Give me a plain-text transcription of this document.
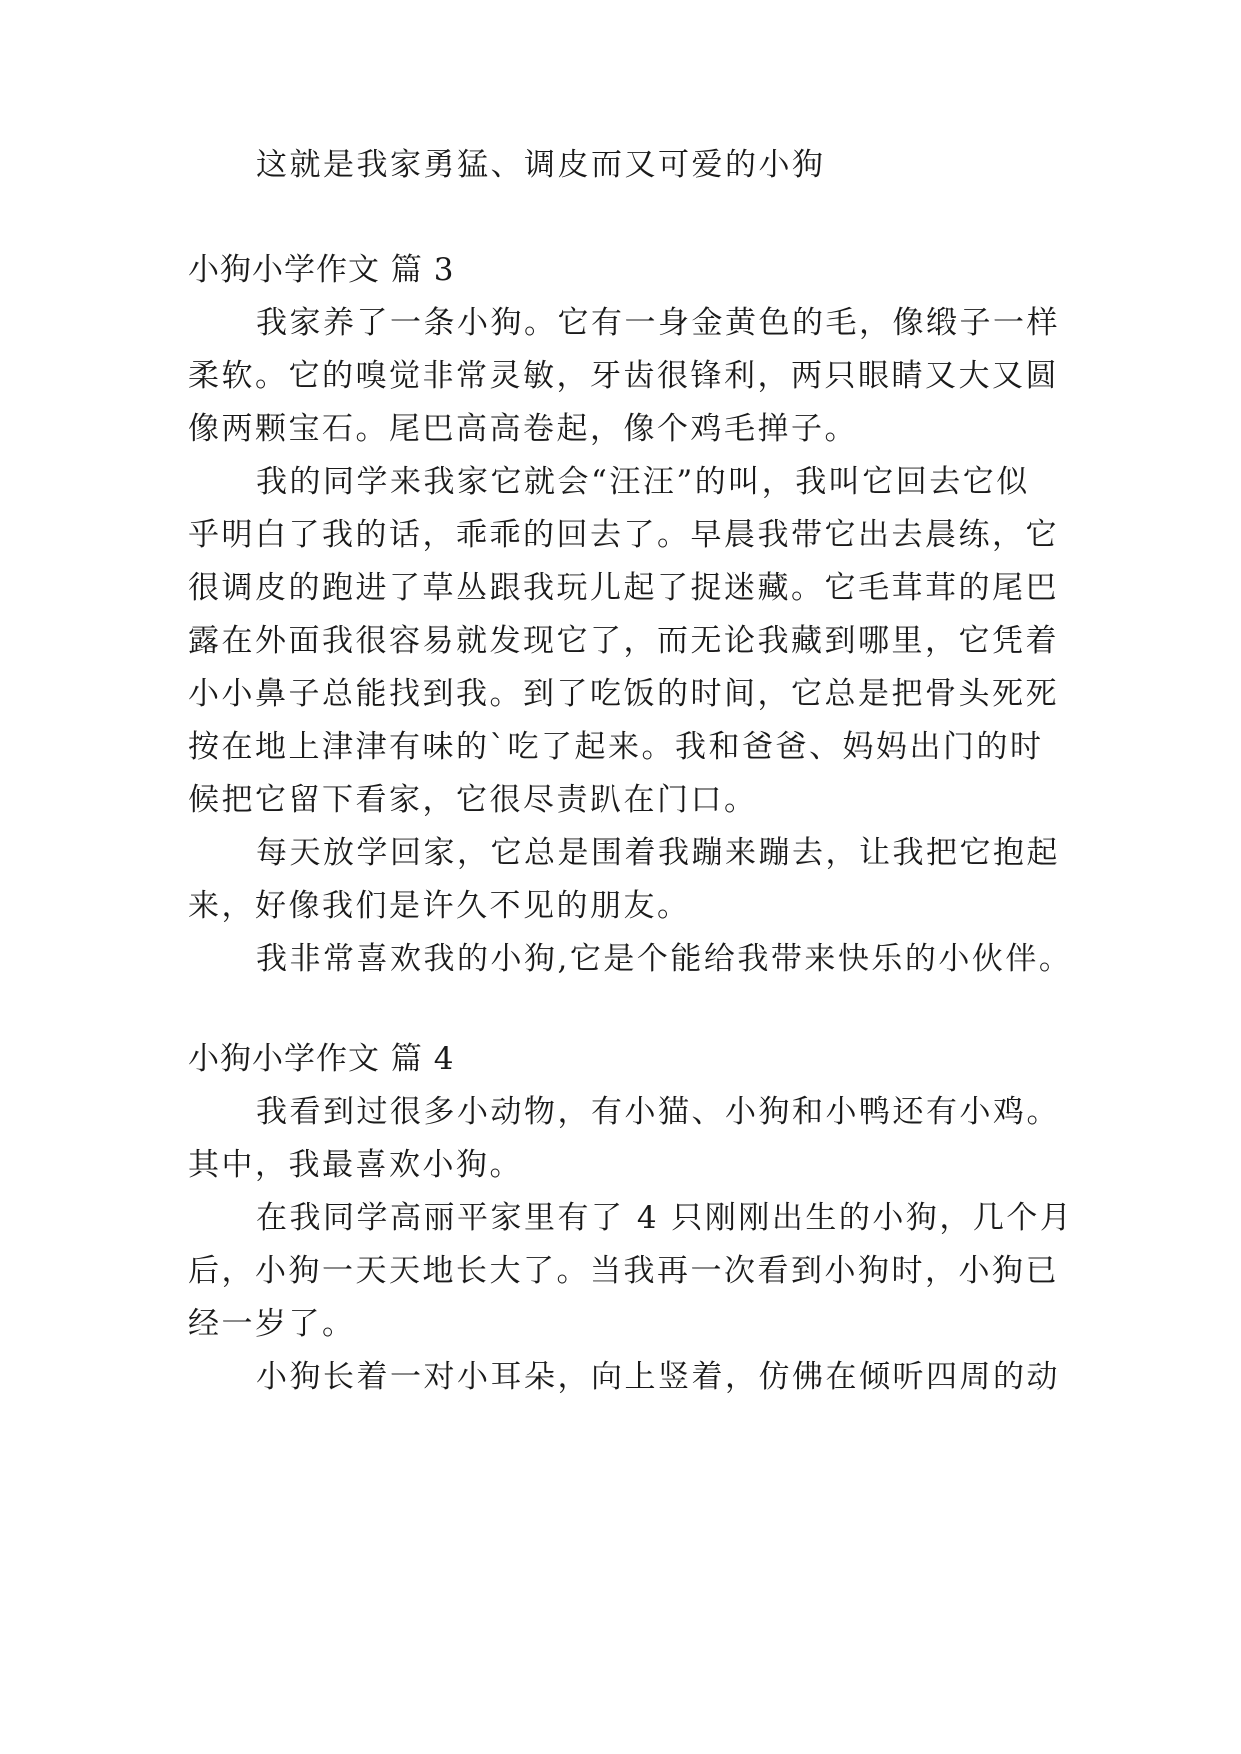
这就是我家勇猛、调皮而又可爱的小狗
小狗小学作文 篇 3
我家养了一条小狗。它有一身金黄色的毛，像缎子一样
柔软。它的嗅觉非常灵敏，牙齿很锋利，两只眼睛又大又圆
像两颗宝石。尾巴高高卷起，像个鸡毛掸子。
我的同学来我家它就会“汪汪”的叫，我叫它回去它似
乎明白了我的话，乖乖的回去了。早晨我带它出去晨练，它
很调皮的跑进了草丛跟我玩儿起了捉迷藏。它毛茸茸的尾巴
露在外面我很容易就发现它了，而无论我藏到哪里，它凭着
小小鼻子总能找到我。到了吃饭的时间，它总是把骨头死死
按在地上津津有味的`吃了起来。我和爸爸、妈妈出门的时
候把它留下看家，它很尽责趴在门口。
每天放学回家，它总是围着我蹦来蹦去，让我把它抱起
来，好像我们是许久不见的朋友。
我非常喜欢我的小狗,它是个能给我带来快乐的小伙伴。
小狗小学作文 篇 4
我看到过很多小动物，有小猫、小狗和小鸭还有小鸡。
其中，我最喜欢小狗。
在我同学高丽平家里有了 4 只刚刚出生的小狗，几个月
后，小狗一天天地长大了。当我再一次看到小狗时，小狗已
经一岁了。
小狗长着一对小耳朵，向上竖着，仿佛在倾听四周的动
